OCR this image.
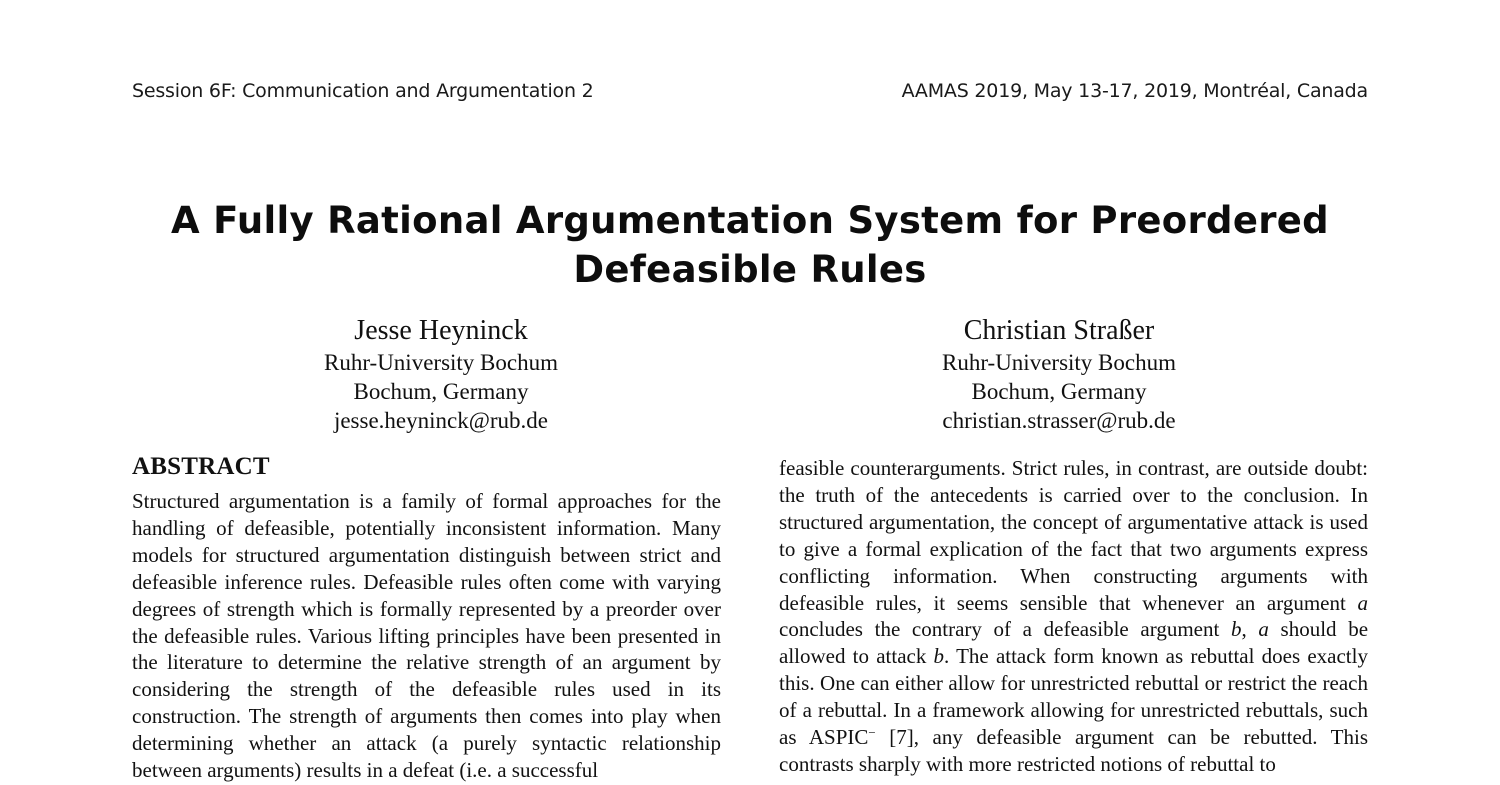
Session 6F: Communication and Argumentation 2	AAMAS 2019, May 13-17, 2019, Montréal, Canada
A Fully Rational Argumentation System for Preordered
Defeasible Rules
Jesse Heyninck
Ruhr-University Bochum
Bochum, Germany
jesse.heyninck@rub.de
Christian Straßer
Ruhr-University Bochum
Bochum, Germany
christian.strasser@rub.de
ABSTRACT

Structured argumentation is a family of formal approaches for the handling of defeasible, potentially inconsistent information. Many models for structured argumentation distinguish between strict and defeasible inference rules. Defeasible rules often come with varying degrees of strength which is formally represented by a preorder over the defeasible rules. Various lifting principles have been presented in the literature to determine the relative strength of an argument by considering the strength of the defeasible rules used in its construction. The strength of arguments then comes into play when determining whether an attack (a purely syntactic relationship between arguments) results in a defeat (i.e. a successful

feasible counterarguments. Strict rules, in contrast, are outside doubt: the truth of the antecedents is carried over to the conclusion. In structured argumentation, the concept of argumentative attack is used to give a formal explication of the fact that two arguments express conflicting information. When constructing arguments with defeasible rules, it seems sensible that whenever an argument a concludes the contrary of a defeasible argument b, a should be allowed to attack b. The attack form known as rebuttal does exactly this. One can either allow for unrestricted rebuttal or restrict the reach of a rebuttal. In a framework allowing for unrestricted rebuttals, such as ASPIC− [7], any defeasible argument can be rebutted. This contrasts sharply with more restricted notions of rebuttal to
